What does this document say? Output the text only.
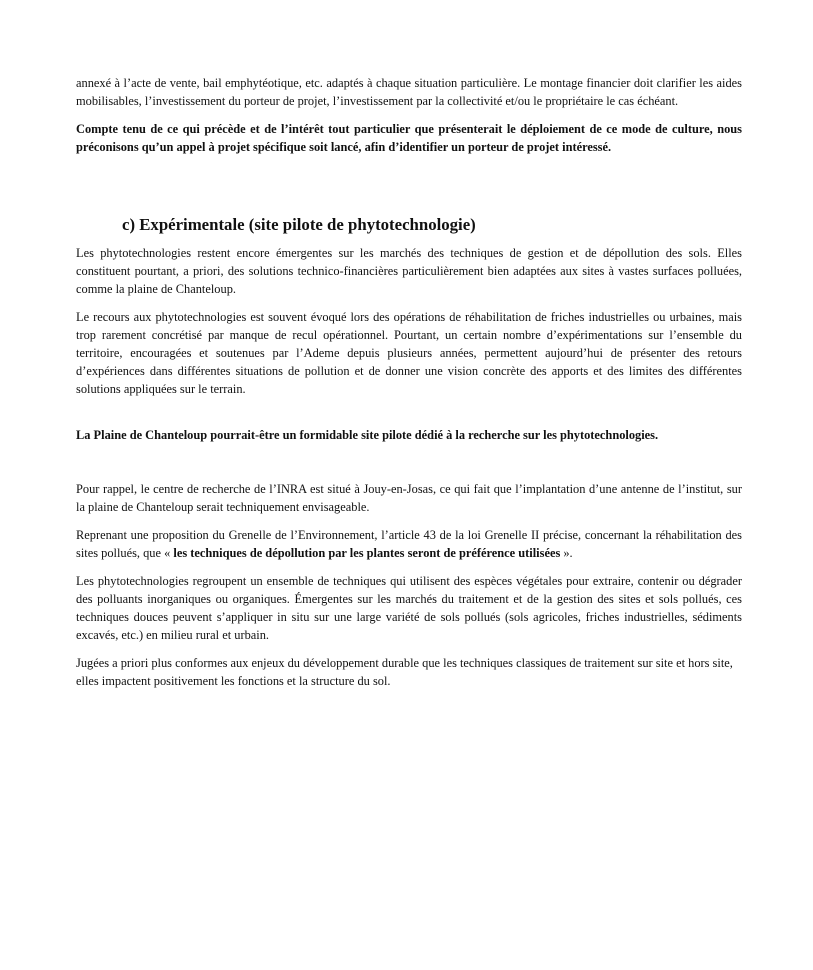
annexé à l’acte de vente, bail emphytéotique, etc. adaptés à chaque situation particulière. Le montage financier doit clarifier les aides mobilisables, l’investissement du porteur de projet, l’investissement par la collectivité et/ou le propriétaire le cas échéant.

Compte tenu de ce qui précède et de l’intérêt tout particulier que présenterait le déploiement de ce mode de culture, nous préconisons qu’un appel à projet spécifique soit lancé, afin d’identifier un porteur de projet intéressé.

c) Expérimentale (site pilote de phytotechnologie)

Les phytotechnologies restent encore émergentes sur les marchés des techniques de gestion et de dépollution des sols. Elles constituent pourtant, a priori, des solutions technico-financières particulièrement bien adaptées aux sites à vastes surfaces polluées, comme la plaine de Chanteloup.

Le recours aux phytotechnologies est souvent évoqué lors des opérations de réhabilitation de friches industrielles ou urbaines, mais trop rarement concrétisé par manque de recul opérationnel. Pourtant, un certain nombre d’expérimentations sur l’ensemble du territoire, encouragées et soutenues par l’Ademe depuis plusieurs années, permettent aujourd’hui de présenter des retours d’expériences dans différentes situations de pollution et de donner une vision concrète des apports et des limites des différentes solutions appliquées sur le terrain.

La Plaine de Chanteloup pourrait-être un formidable site pilote dédié à la recherche sur les phytotechnologies.

Pour rappel, le centre de recherche de l’INRA est situé à Jouy-en-Josas, ce qui fait que l’implantation d’une antenne de l’institut, sur la plaine de Chanteloup serait techniquement envisageable.

Reprenant une proposition du Grenelle de l’Environnement, l’article 43 de la loi Grenelle II précise, concernant la réhabilitation des sites pollués, que « les techniques de dépollution par les plantes seront de préférence utilisées ».

Les phytotechnologies regroupent un ensemble de techniques qui utilisent des espèces végétales pour extraire, contenir ou dégrader des polluants inorganiques ou organiques. Émergentes sur les marchés du traitement et de la gestion des sites et sols pollués, ces techniques douces peuvent s’appliquer in situ sur une large variété de sols pollués (sols agricoles, friches industrielles, sédiments excavés, etc.) en milieu rural et urbain.

Jugées a priori plus conformes aux enjeux du développement durable que les techniques classiques de traitement sur site et hors site, elles impactent positivement les fonctions et la structure du sol.
